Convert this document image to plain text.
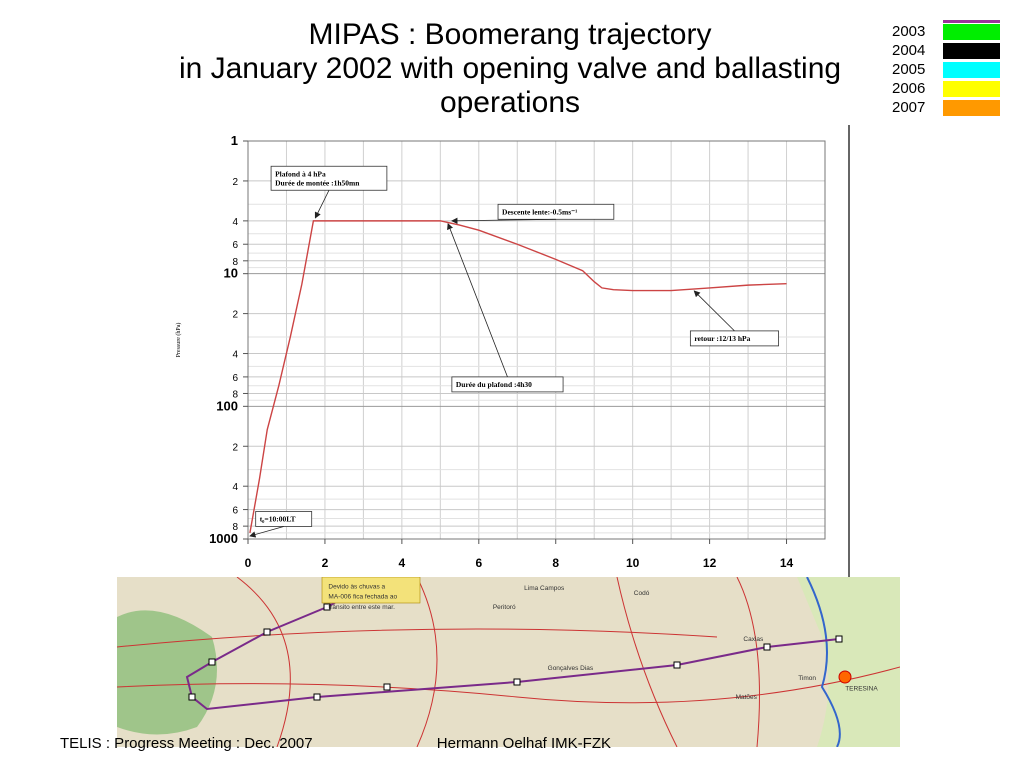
MIPAS : Boomerang trajectory
in January 2002 with opening valve and ballasting
operations
2003
2004
2005
2006
2007
1
2
4
6
8
10
2
4
6
8
100
2
4
6
8
1000
0	2	4	6	8	10	12	14
Pressure (hPa)
Plafond à 4 hPa
Durée de montée :1h50mn
Descente lente:-0.5ms⁻¹
Durée du plafond :4h30
retour :12/13 hPa
t₀=10:00LT
Devido às chuvas a
MA-006 fica fechada ao
trânsito entre este mar.
Caxias
TERESINA
Timon
Lima Campos
Peritoró
Codó
Gonçalves Dias
Matões
TELIS : Progress Meeting : Dec. 2007	Hermann Oelhaf IMK-FZK
